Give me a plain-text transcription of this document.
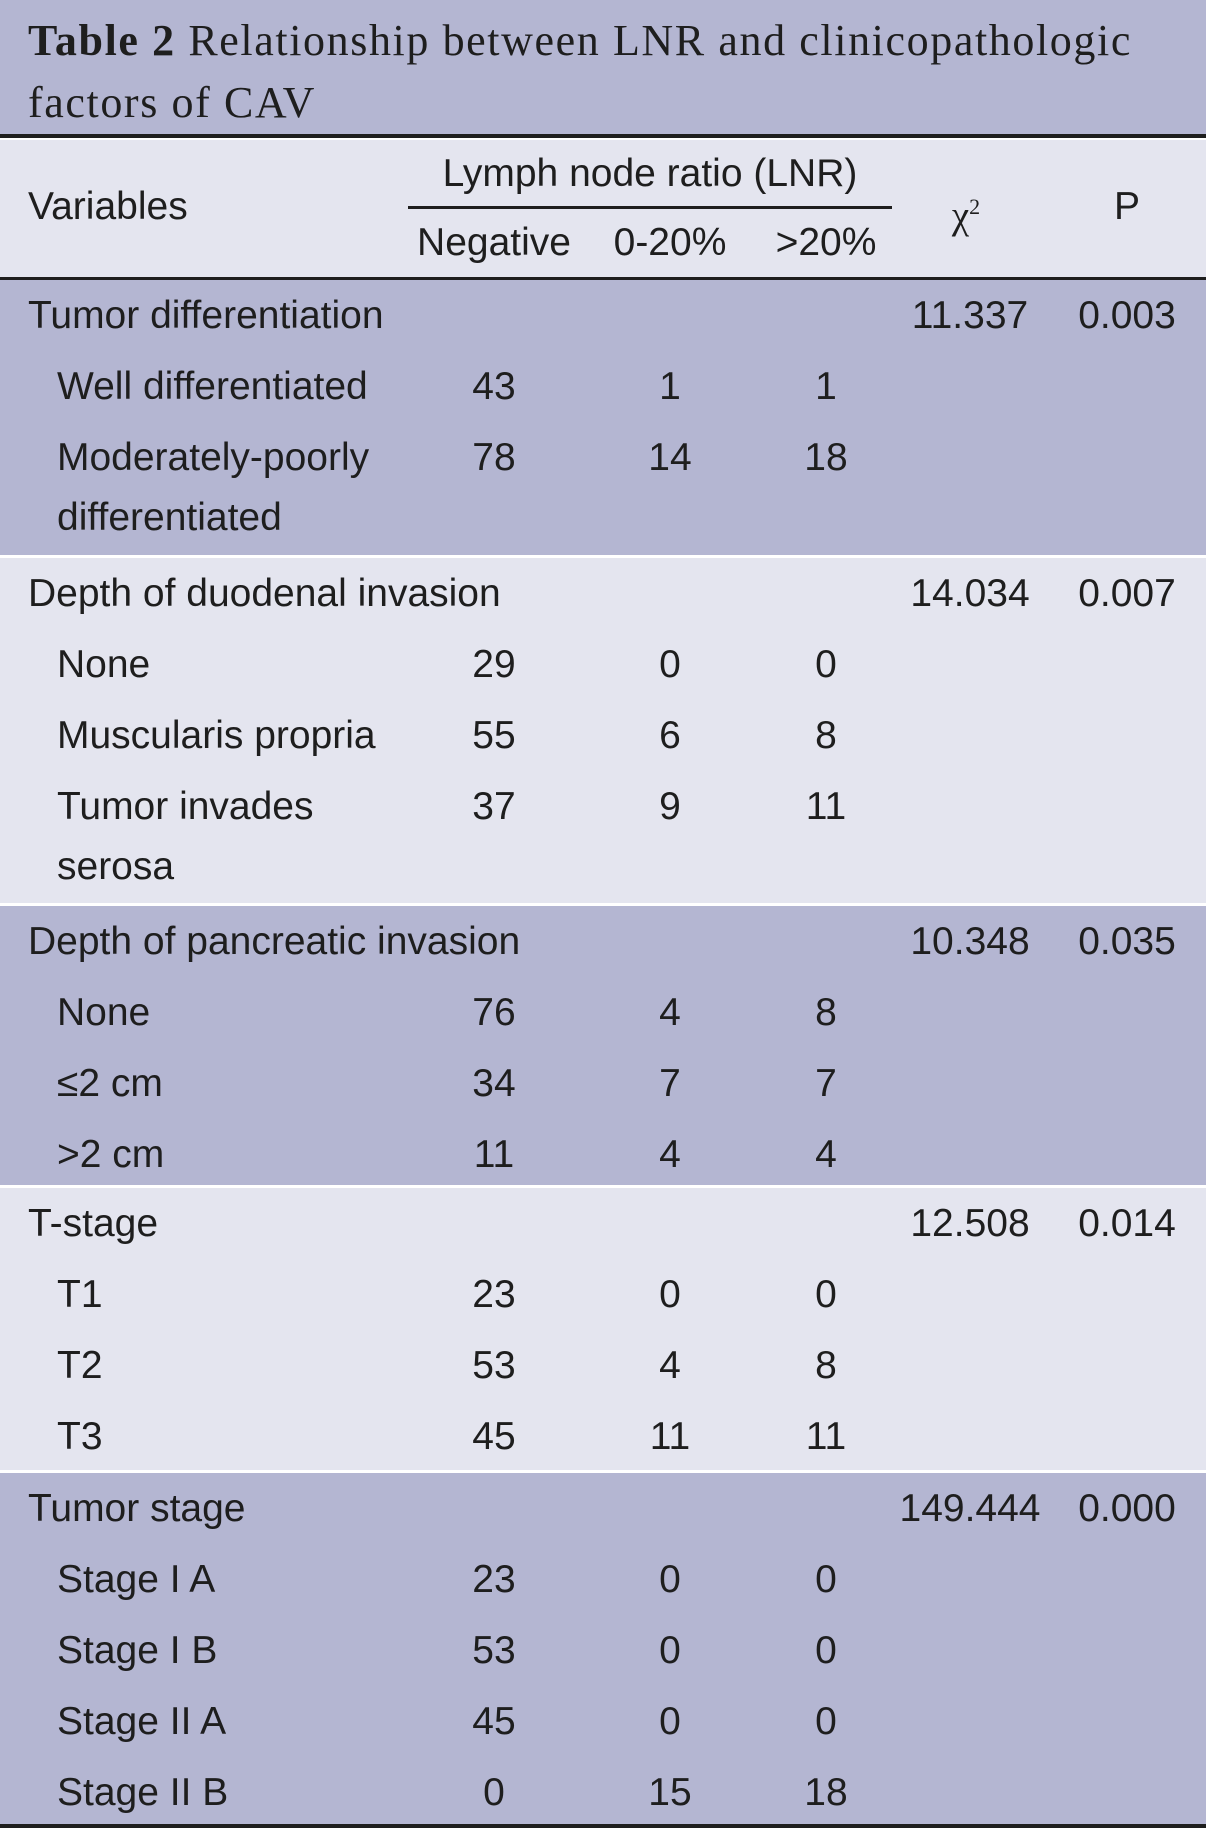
Table 2 Relationship between LNR and clinicopathologic
factors of CAV
Variables
Lymph node ratio (LNR)
Negative 0-20% >20%
$\chi^2$	P
Tumor differentiation	11.337 0.003
Well differentiated	43	1	1
Moderately-poorly
differentiated
78	14	18
Depth of duodenal invasion	14.034 0.007
None	29	0	0
Muscularis propria 55	6	8
Tumor invades
serosa
37	9	11
Depth of pancreatic invasion	10.348 0.035
None	76	4	8
≤2 cm	34	7	7
>2 cm	11	4	4
T-stage	12.508 0.014
T1	23	0	0
T2	53	4	8
T3	45	11	11
Tumor stage	149.444 0.000
Stage I A	23	0	0
Stage I B	53	0	0
Stage II A	45	0	0
Stage II B	0	15	18
